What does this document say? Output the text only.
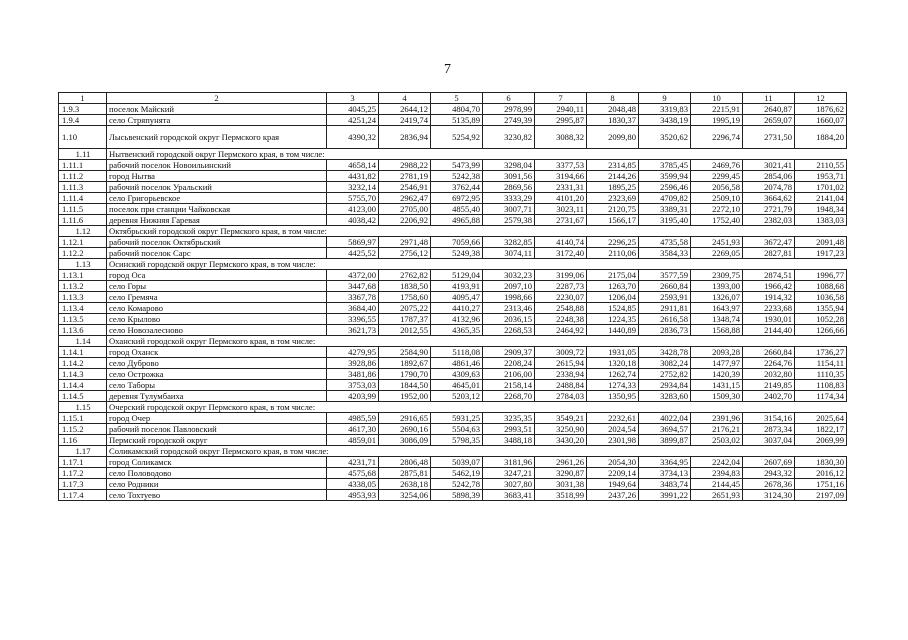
7
1	2	3	4	5	6	7	8	9	10	11	12
1.9.3	поселок Майский	4045,25	2644,12	4804,70	2978,99	2940,11	2048,48	3319,83	2215,91	2640,87	1876,62
1.9.4	село Стряпунята	4251,24	2419,74	5135,89	2749,39	2995,87	1830,37	3438,19	1995,19	2659,07	1660,07
1.10	Лысьвенский городской округ Пермского края	4390,32	2836,94	5254,92	3230,82	3088,32	2099,80	3520,62	2296,74	2731,50	1884,20
1.11	Нытвенский городской округ Пермского края, в том числе:										
1.11.1	рабочий поселок Новоильинский	4658,14	2988,22	5473,99	3298,04	3377,53	2314,85	3785,45	2469,76	3021,41	2110,55
1.11.2	город Нытва	4431,82	2781,19	5242,38	3091,56	3194,66	2144,26	3599,94	2299,45	2854,06	1953,71
1.11.3	рабочий поселок Уральский	3232,14	2546,91	3762,44	2869,56	2331,31	1895,25	2596,46	2056,58	2074,78	1701,02
1.11.4	село Григорьевское	5755,70	2962,47	6972,95	3333,29	4101,20	2323,69	4709,82	2509,10	3664,62	2141,04
1.11.5	поселок при станции Чайковская	4123,00	2705,00	4855,40	3007,71	3023,11	2120,75	3389,31	2272,10	2721,79	1948,34
1.11.6	деревня Нижняя Гаревая	4038,42	2206,92	4965,88	2579,38	2731,67	1566,17	3195,40	1752,40	2382,03	1383,03
1.12	Октябрьский городской округ Пермского края, в том числе:										
1.12.1	рабочий поселок Октябрьский	5869,97	2971,48	7059,66	3282,85	4140,74	2296,25	4735,58	2451,93	3672,47	2091,48
1.12.2	рабочий поселок Сарс	4425,52	2756,12	5249,38	3074,11	3172,40	2110,06	3584,33	2269,05	2827,81	1917,23
1.13	Осинский городской округ Пермского края, в том числе:										
1.13.1	город Оса	4372,00	2762,82	5129,04	3032,23	3199,06	2175,04	3577,59	2309,75	2874,51	1996,77
1.13.2	село Горы	3447,68	1838,50	4193,91	2097,10	2287,73	1263,70	2660,84	1393,00	1966,42	1088,68
1.13.3	село Гремяча	3367,78	1758,60	4095,47	1998,66	2230,07	1206,04	2593,91	1326,07	1914,32	1036,58
1.13.4	село Комарово	3684,40	2075,22	4410,27	2313,46	2548,88	1524,85	2911,81	1643,97	2233,68	1355,94
1.13.5	село Крылово	3396,55	1787,37	4132,96	2036,15	2248,38	1224,35	2616,58	1348,74	1930,01	1052,28
1.13.6	село Новозалесново	3621,73	2012,55	4365,35	2268,53	2464,92	1440,89	2836,73	1568,88	2144,40	1266,66
1.14	Оханский городской округ Пермского края, в том числе:										
1.14.1	город Оханск	4279,95	2584,90	5118,08	2909,37	3009,72	1931,05	3428,78	2093,28	2660,84	1736,27
1.14.2	село Дуброво	3928,86	1892,67	4861,46	2208,24	2615,94	1320,18	3082,24	1477,97	2264,76	1154,11
1.14.3	село Острожка	3481,86	1790,70	4309,63	2106,00	2338,94	1262,74	2752,82	1420,39	2032,80	1110,35
1.14.4	село Таборы	3753,03	1844,50	4645,01	2158,14	2488,84	1274,33	2934,84	1431,15	2149,85	1108,83
1.14.5	деревня Тулумбаиха	4203,99	1952,00	5203,12	2268,70	2784,03	1350,95	3283,60	1509,30	2402,70	1174,34
1.15	Очерский городской округ Пермского края, в том числе:										
1.15.1	город Очер	4985,59	2916,65	5931,25	3235,35	3549,21	2232,61	4022,04	2391,96	3154,16	2025,64
1.15.2	рабочий поселок Павловский	4617,30	2690,16	5504,63	2993,51	3250,90	2024,54	3694,57	2176,21	2873,34	1822,17
1.16	Пермский городской округ	4859,01	3086,09	5798,35	3488,18	3430,20	2301,98	3899,87	2503,02	3037,04	2069,99
1.17	Соликамский городской округ Пермского края, в том числе:										
1.17.1	город Соликамск	4231,71	2806,48	5039,07	3181,96	2961,26	2054,30	3364,95	2242,04	2607,69	1830,30
1.17.2	село Половодово	4575,68	2875,81	5462,19	3247,21	3290,87	2209,14	3734,13	2394,83	2943,32	2016,12
1.17.3	село Родники	4338,05	2638,18	5242,78	3027,80	3031,38	1949,64	3483,74	2144,45	2678,36	1751,16
1.17.4	село Тохтуево	4953,93	3254,06	5898,39	3683,41	3518,99	2437,26	3991,22	2651,93	3124,30	2197,09
